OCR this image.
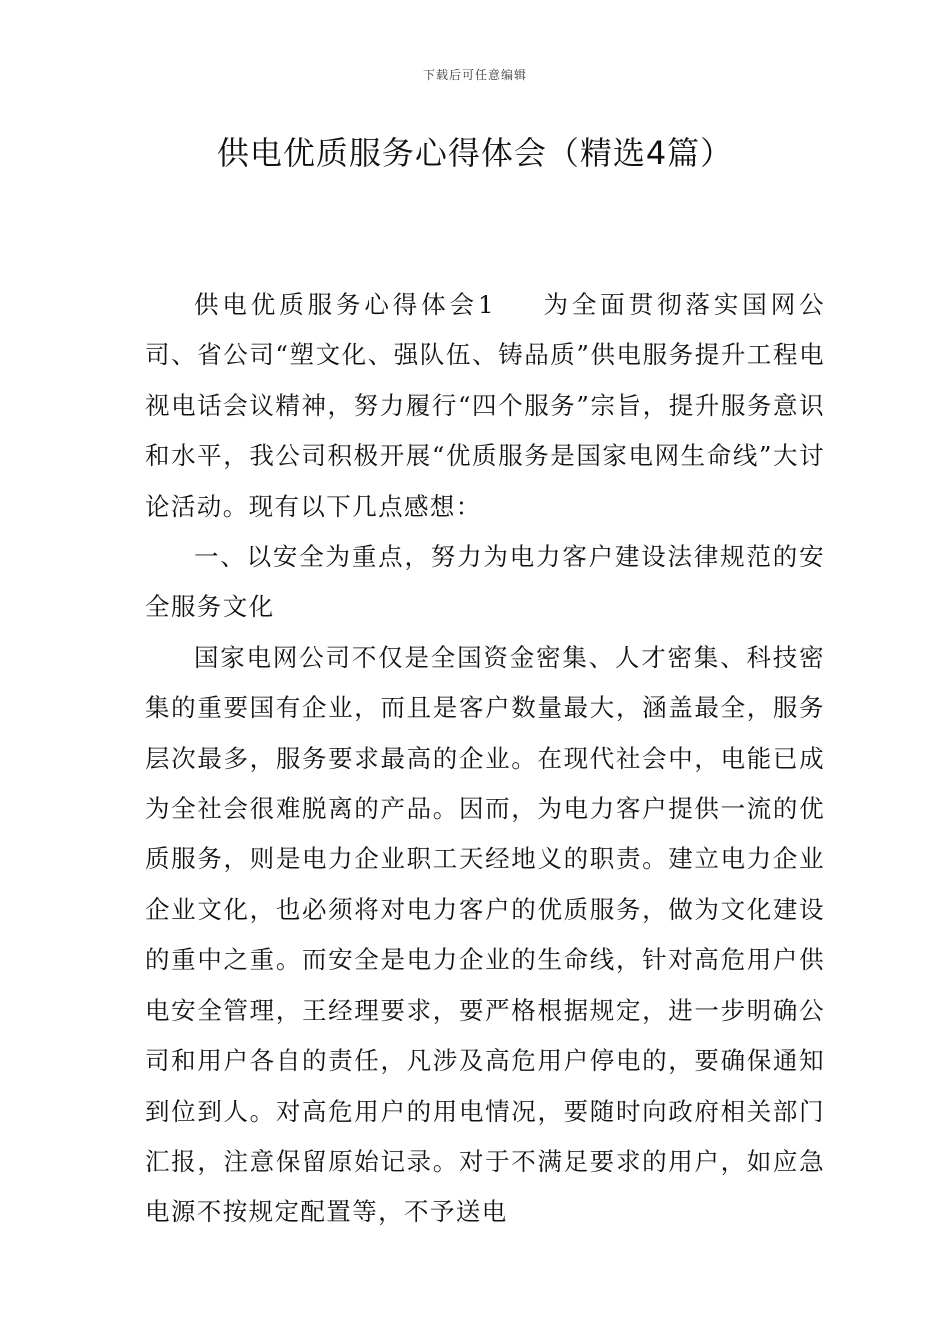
下载后可任意编辑
供电优质服务心得体会（精选4篇）

供电优质服务心得体会1 为全面贯彻落实国网公司、省公司“塑文化、强队伍、铸品质”供电服务提升工程电视电话会议精神，努力履行“四个服务”宗旨，提升服务意识和水平，我公司积极开展“优质服务是国家电网生命线”大讨论活动。现有以下几点感想：

一、以安全为重点，努力为电力客户建设法律规范的安全服务文化

国家电网公司不仅是全国资金密集、人才密集、科技密集的重要国有企业，而且是客户数量最大，涵盖最全，服务层次最多，服务要求最高的企业。在现代社会中，电能已成为全社会很难脱离的产品。因而，为电力客户提供一流的优质服务，则是电力企业职工天经地义的职责。建立电力企业企业文化，也必须将对电力客户的优质服务，做为文化建设的重中之重。而安全是电力企业的生命线，针对高危用户供电安全管理，王经理要求，要严格根据规定，进一步明确公司和用户各自的责任，凡涉及高危用户停电的，要确保通知到位到人。对高危用户的用电情况，要随时向政府相关部门汇报，注意保留原始记录。对于不满足要求的用户，如应急电源不按规定配置等，不予送电
